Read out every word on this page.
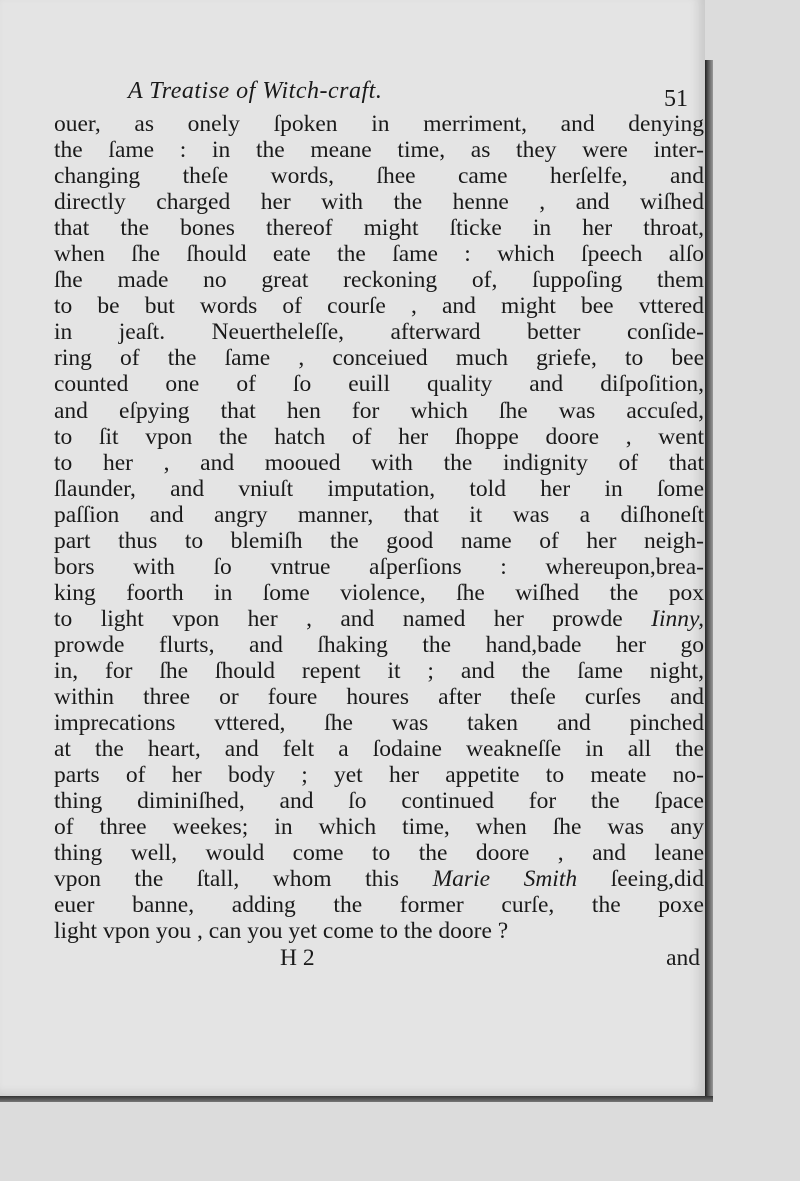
A Treatise of Witch-craft.	51
ouer, as onely ſpoken in merriment, and denying
the ſame : in the meane time, as they were inter-
changing theſe words, ſhee came herſelfe, and
directly charged her with the henne , and wiſhed
that the bones thereof might ſticke in her throat,
when ſhe ſhould eate the ſame : which ſpeech alſo
ſhe made no great reckoning of, ſuppoſing them
to be but words of courſe , and might bee vttered
in jeaſt. Neuertheleſſe, afterward better conſide-
ring of the ſame , conceiued much griefe, to bee
counted one of ſo euill quality and diſpoſition,
and eſpying that hen for which ſhe was accuſed,
to ſit vpon the hatch of her ſhoppe doore , went
to her , and mooued with the indignity of that
ſlaunder, and vniuſt imputation, told her in ſome
paſſion and angry manner, that it was a diſhoneſt
part thus to blemiſh the good name of her neigh-
bors with ſo vntrue aſperſions : whereupon,brea-
king foorth in ſome violence, ſhe wiſhed the pox
to light vpon her , and named her prowde Iinny,
prowde flurts, and ſhaking the hand,bade her go
in, for ſhe ſhould repent it ; and the ſame night,
within three or foure houres after theſe curſes and
imprecations vttered, ſhe was taken and pinched
at the heart, and felt a ſodaine weakneſſe in all the
parts of her body ; yet her appetite to meate no-
thing diminiſhed, and ſo continued for the ſpace
of three weekes; in which time, when ſhe was any
thing well, would come to the doore , and leane
vpon the ſtall, whom this Marie Smith ſeeing,did
euer banne, adding the former curſe, the poxe
light vpon you , can you yet come to the doore ?
H 2	and
